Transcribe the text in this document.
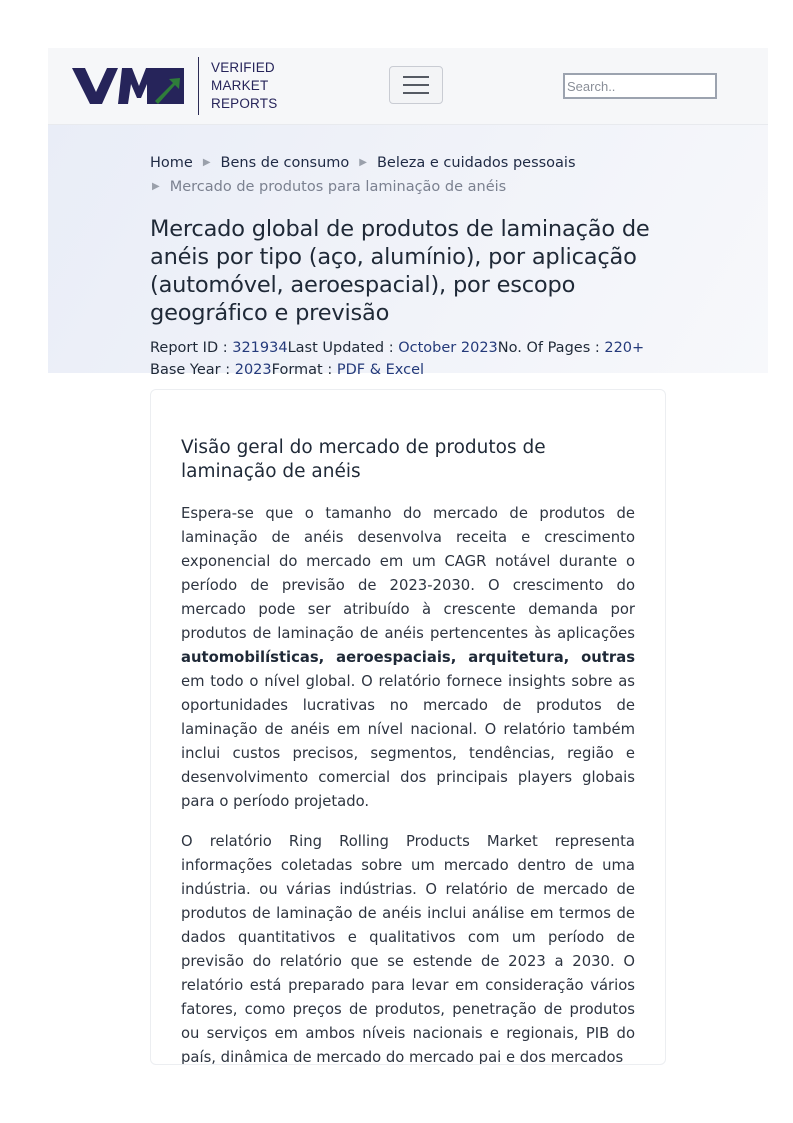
VERIFIED
MARKET
REPORTS
Search..
Home ▶ Bens de consumo ▶ Beleza e cuidados pessoais
▶ Mercado de produtos para laminação de anéis
Mercado global de produtos de laminação de anéis por tipo (aço, alumínio), por aplicação (automóvel, aeroespacial), por escopo geográfico e previsão
Report ID : 321934Last Updated : October 2023No. Of Pages : 220+
Base Year : 2023Format : PDF & Excel
Visão geral do mercado de produtos de laminação de anéis

Espera-se que o tamanho do mercado de produtos de laminação de anéis desenvolva receita e crescimento exponencial do mercado em um CAGR notável durante o período de previsão de 2023-2030. O crescimento do mercado pode ser atribuído à crescente demanda por produtos de laminação de anéis pertencentes às aplicações automobilísticas, aeroespaciais, arquitetura, outras em todo o nível global. O relatório fornece insights sobre as oportunidades lucrativas no mercado de produtos de laminação de anéis em nível nacional. O relatório também inclui custos precisos, segmentos, tendências, região e desenvolvimento comercial dos principais players globais para o período projetado.

O relatório Ring Rolling Products Market representa informações coletadas sobre um mercado dentro de uma indústria. ou várias indústrias. O relatório de mercado de produtos de laminação de anéis inclui análise em termos de dados quantitativos e qualitativos com um período de previsão do relatório que se estende de 2023 a 2030. O relatório está preparado para levar em consideração vários fatores, como preços de produtos, penetração de produtos ou serviços em ambos níveis nacionais e regionais, PIB do país, dinâmica de mercado do mercado pai e dos mercados
